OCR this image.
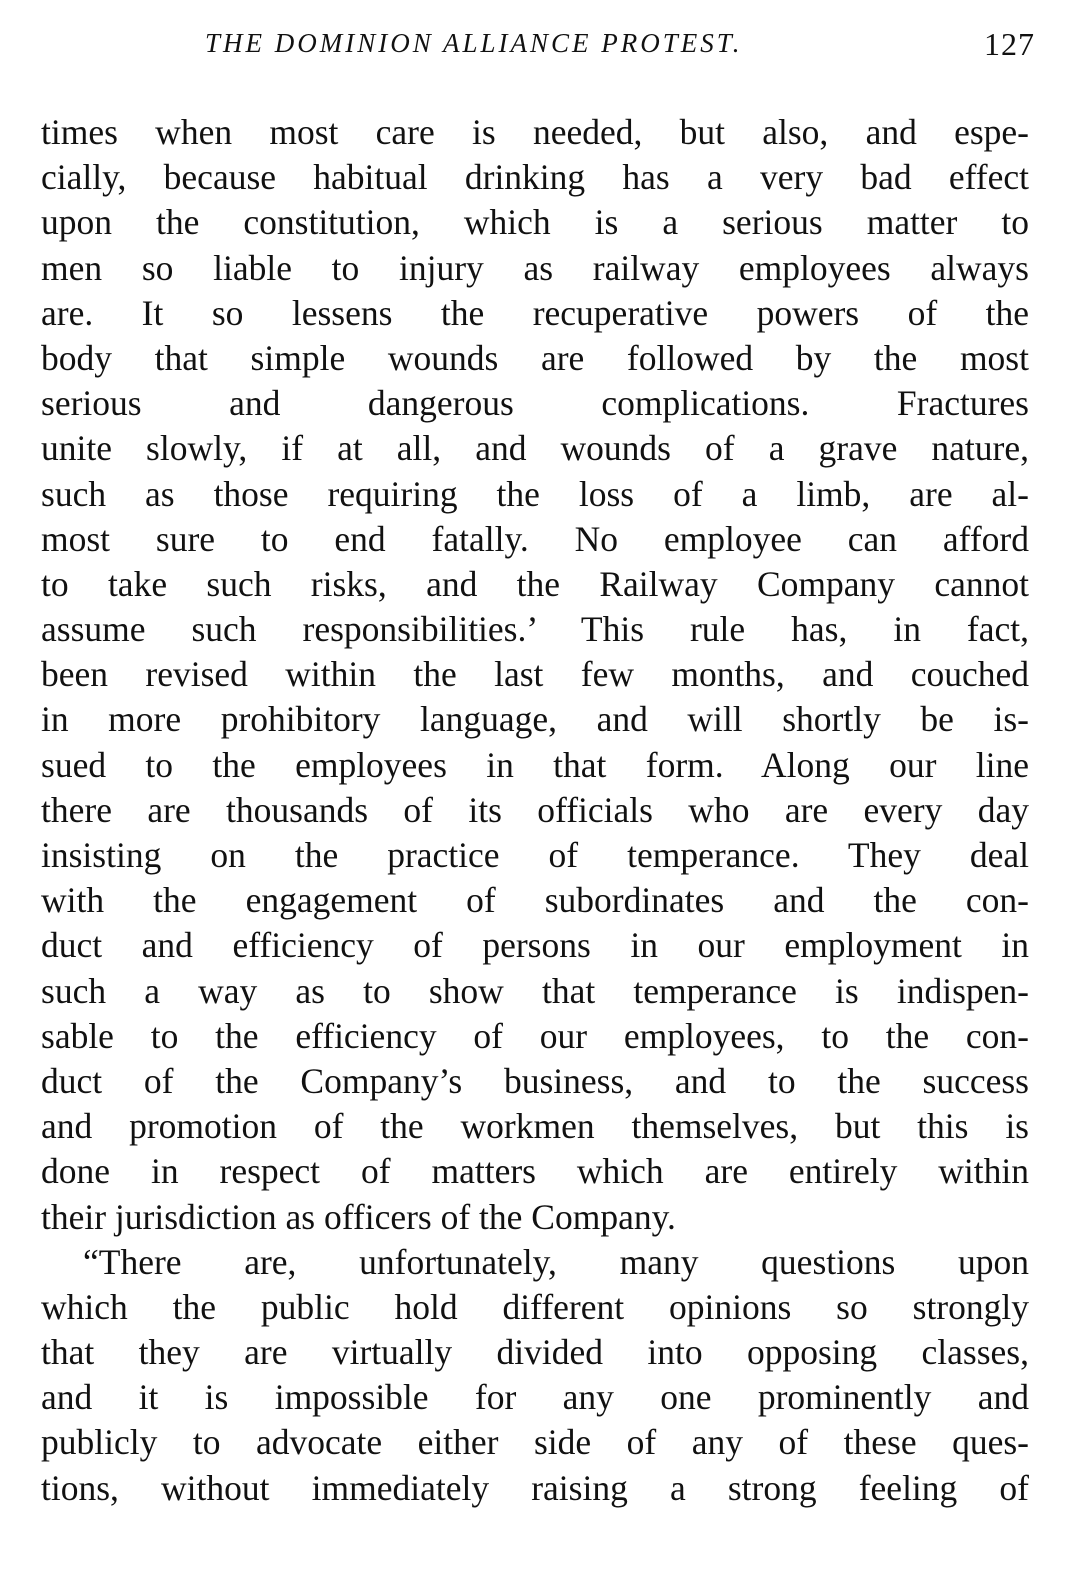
THE DOMINION ALLIANCE PROTEST.	127
times when most care is needed, but also, and espe-
cially, because habitual drinking has a very bad effect
upon the constitution, which is a serious matter to
men so liable to injury as railway employees always
are. It so lessens the recuperative powers of the
body that simple wounds are followed by the most
serious and dangerous complications. Fractures
unite slowly, if at all, and wounds of a grave nature,
such as those requiring the loss of a limb, are al-
most sure to end fatally. No employee can afford
to take such risks, and the Railway Company cannot
assume such responsibilities.’ This rule has, in fact,
been revised within the last few months, and couched
in more prohibitory language, and will shortly be is-
sued to the employees in that form. Along our line
there are thousands of its officials who are every day
insisting on the practice of temperance. They deal
with the engagement of subordinates and the con-
duct and efficiency of persons in our employment in
such a way as to show that temperance is indispen-
sable to the efficiency of our employees, to the con-
duct of the Company’s business, and to the success
and promotion of the workmen themselves, but this is
done in respect of matters which are entirely within
their jurisdiction as officers of the Company.
“There are, unfortunately, many questions upon
which the public hold different opinions so strongly
that they are virtually divided into opposing classes,
and it is impossible for any one prominently and
publicly to advocate either side of any of these ques-
tions, without immediately raising a strong feeling of
